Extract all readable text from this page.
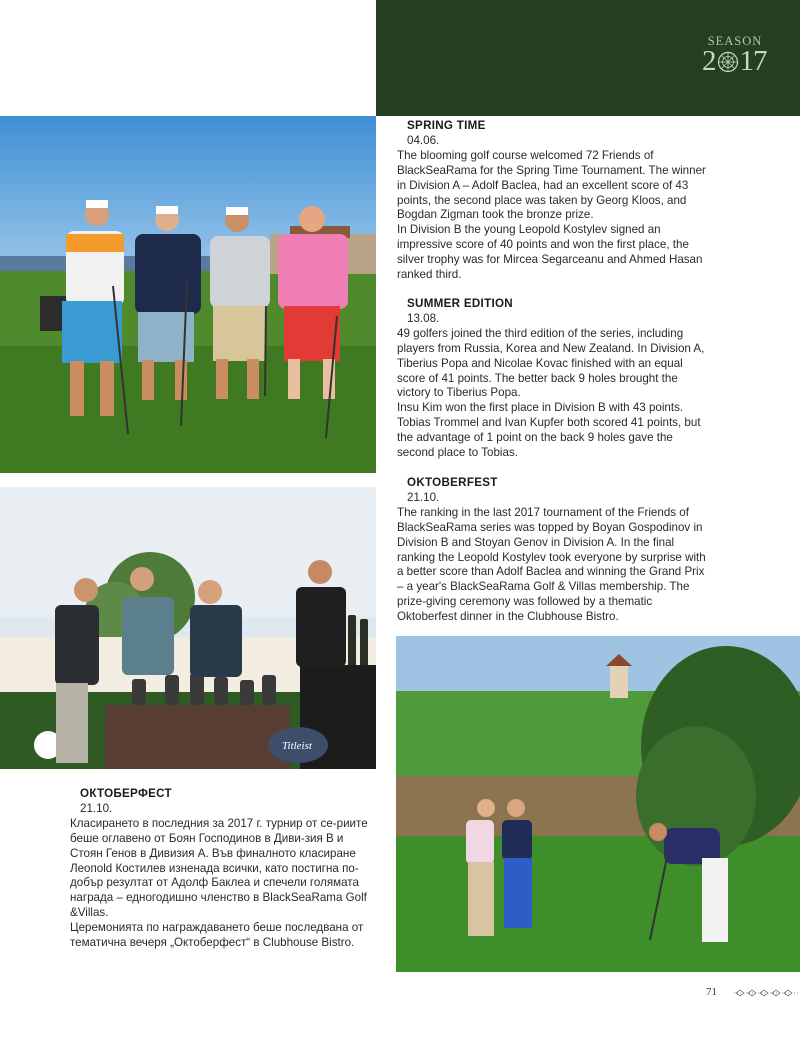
SEASON
2 17
Titleist
SPRING TIME
04.06.

The blooming golf course welcomed 72 Friends of BlackSeaRama for the Spring Time Tournament. The winner in Division A – Adolf Baclea, had an excellent score of 43 points, the second place was taken by Georg Kloos, and Bogdan Zigman took the bronze prize.

In Division B the young Leopold Kostylev signed an impressive score of 40 points and won the first place, the silver trophy was for Mircea Segarceanu and Ahmed Hasan ranked third.

SUMMER EDITION
13.08.

49 golfers joined the third edition of the series, including players from Russia, Korea and New Zealand. In Division A, Tiberius Popa and Nicolae Kovac finished with an equal score of 41 points. The better back 9 holes brought the victory to Tiberius Popa.

Insu Kim won the first place in Division B with 43 points. Tobias Trommel and Ivan Kupfer both scored 41 points, but the advantage of 1 point on the back 9 holes gave the second place to Tobias.

OKTOBERFEST
21.10.

The ranking in the last 2017 tournament of the Friends of BlackSeaRama series was topped by Boyan Gospodinov in Division B and Stoyan Genov in Division A. In the final ranking the Leopold Kostylev took everyone by surprise with a better score than Adolf Baclea and winning the Grand Prix – a year's BlackSeaRama Golf & Villas membership. The prize-giving ceremony was followed by a thematic Oktoberfest dinner in the Clubhouse Bistro.

ОКТОБЕРФЕСТ
21.10.

Класирането в последния за 2017 г. турнир от се-риите беше оглавено от Боян Господинов в Диви-зия В и Стоян Генов в Дивизия А. Във финалното класиране Леопold Костилев изненада всички, като постигна по-добър резултат от Адолф Баклеа и спечели голямата награда – едногодишно членство в BlackSeaRama Golf &Villas.

Церемонията по награждаването беше последвана от тематична вечеря „Октоберфест“ в Clubhouse Bistro.

71
